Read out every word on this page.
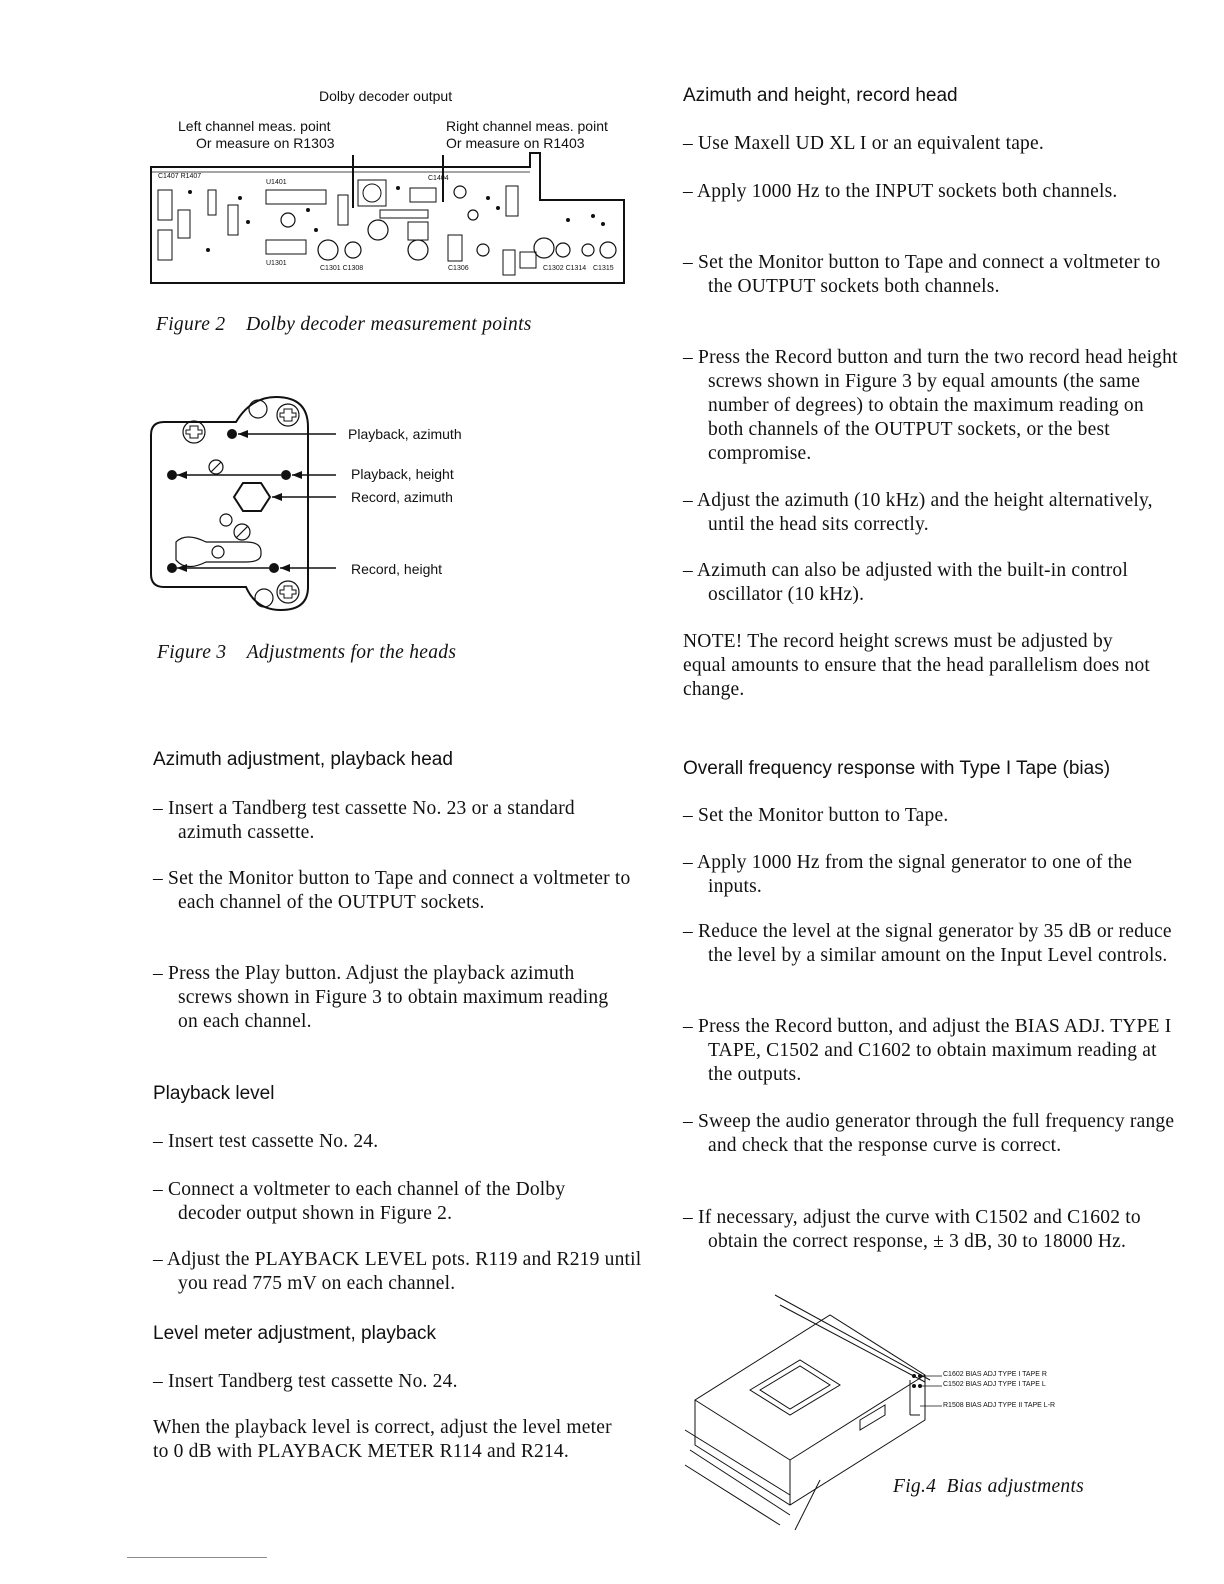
Dolby decoder output
Left channel meas. point
Or measure on R1303
Right channel meas. point
Or measure on R1403
C1407 R1407
U1401
C1404
U1301
C1301 C1308	C1306	C1302 C1314 C1315
Figure 2    Dolby decoder measurement points
Playback, azimuth
Playback, height
Record, azimuth
Record, height
Figure 3    Adjustments for the heads
Azimuth adjustment, playback head
– Insert a Tandberg test cassette No. 23 or a standard azimuth cassette.
– Set the Monitor button to Tape and connect a voltmeter to each channel of the OUTPUT sockets.
– Press the Play button. Adjust the playback azimuth screws shown in Figure 3 to obtain maximum reading on each channel.
Playback level
– Insert test cassette No. 24.
– Connect a voltmeter to each channel of the Dolby decoder output shown in Figure 2.
– Adjust the PLAYBACK LEVEL pots. R119 and R219 until you read 775 mV on each channel.
Level meter adjustment, playback
– Insert Tandberg test cassette No. 24.
When the playback level is correct, adjust the level meter to 0 dB with PLAYBACK METER R114 and R214.
Azimuth and height, record head
– Use Maxell UD XL I or an equivalent tape.
– Apply 1000 Hz to the INPUT sockets both channels.
– Set the Monitor button to Tape and connect a voltmeter to the OUTPUT sockets both channels.
– Press the Record button and turn the two record head height screws shown in Figure 3 by equal amounts (the same number of degrees) to obtain the maximum reading on both channels of the OUTPUT sockets, or the best compromise.
– Adjust the azimuth (10 kHz) and the height alternatively, until the head sits correctly.
– Azimuth can also be adjusted with the built-in control oscillator (10 kHz).
NOTE! The record height screws must be adjusted by equal amounts to ensure that the head parallelism does not change.
Overall frequency response with Type I Tape (bias)
– Set the Monitor button to Tape.
– Apply 1000 Hz from the signal generator to one of the inputs.
– Reduce the level at the signal generator by 35 dB or reduce the level by a similar amount on the Input Level controls.
– Press the Record button, and adjust the BIAS ADJ. TYPE I TAPE, C1502 and C1602 to obtain maximum reading at the outputs.
– Sweep the audio generator through the full frequency range and check that the response curve is correct.
– If necessary, adjust the curve with C1502 and C1602 to obtain the correct response, ± 3 dB, 30 to 18000 Hz.
C1602 BIAS ADJ TYPE I TAPE R
C1502 BIAS ADJ TYPE I TAPE L
R1508 BIAS ADJ TYPE II TAPE L-R
Fig.4  Bias adjustments
